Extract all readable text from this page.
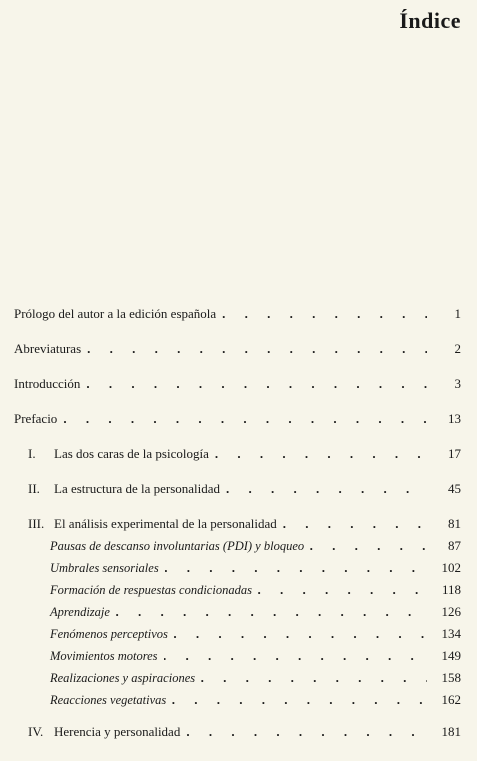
Índice
Prólogo del autor a la edición española . . .	1
Abreviaturas . . .	2
Introducción . . .	3
Prefacio . . .	13
I. Las dos caras de la psicología . . .	17
II. La estructura de la personalidad . . .	45
III. El análisis experimental de la personalidad . . .	81
Pausas de descanso involuntarias (PDI) y bloqueo . . .	87
Umbrales sensoriales . . .	102
Formación de respuestas condicionadas . . .	118
Aprendizaje . . .	126
Fenómenos perceptivos . . .	134
Movimientos motores . . .	149
Realizaciones y aspiraciones . . .	158
Reacciones vegetativas . . .	162
IV. Herencia y personalidad . . .	181
